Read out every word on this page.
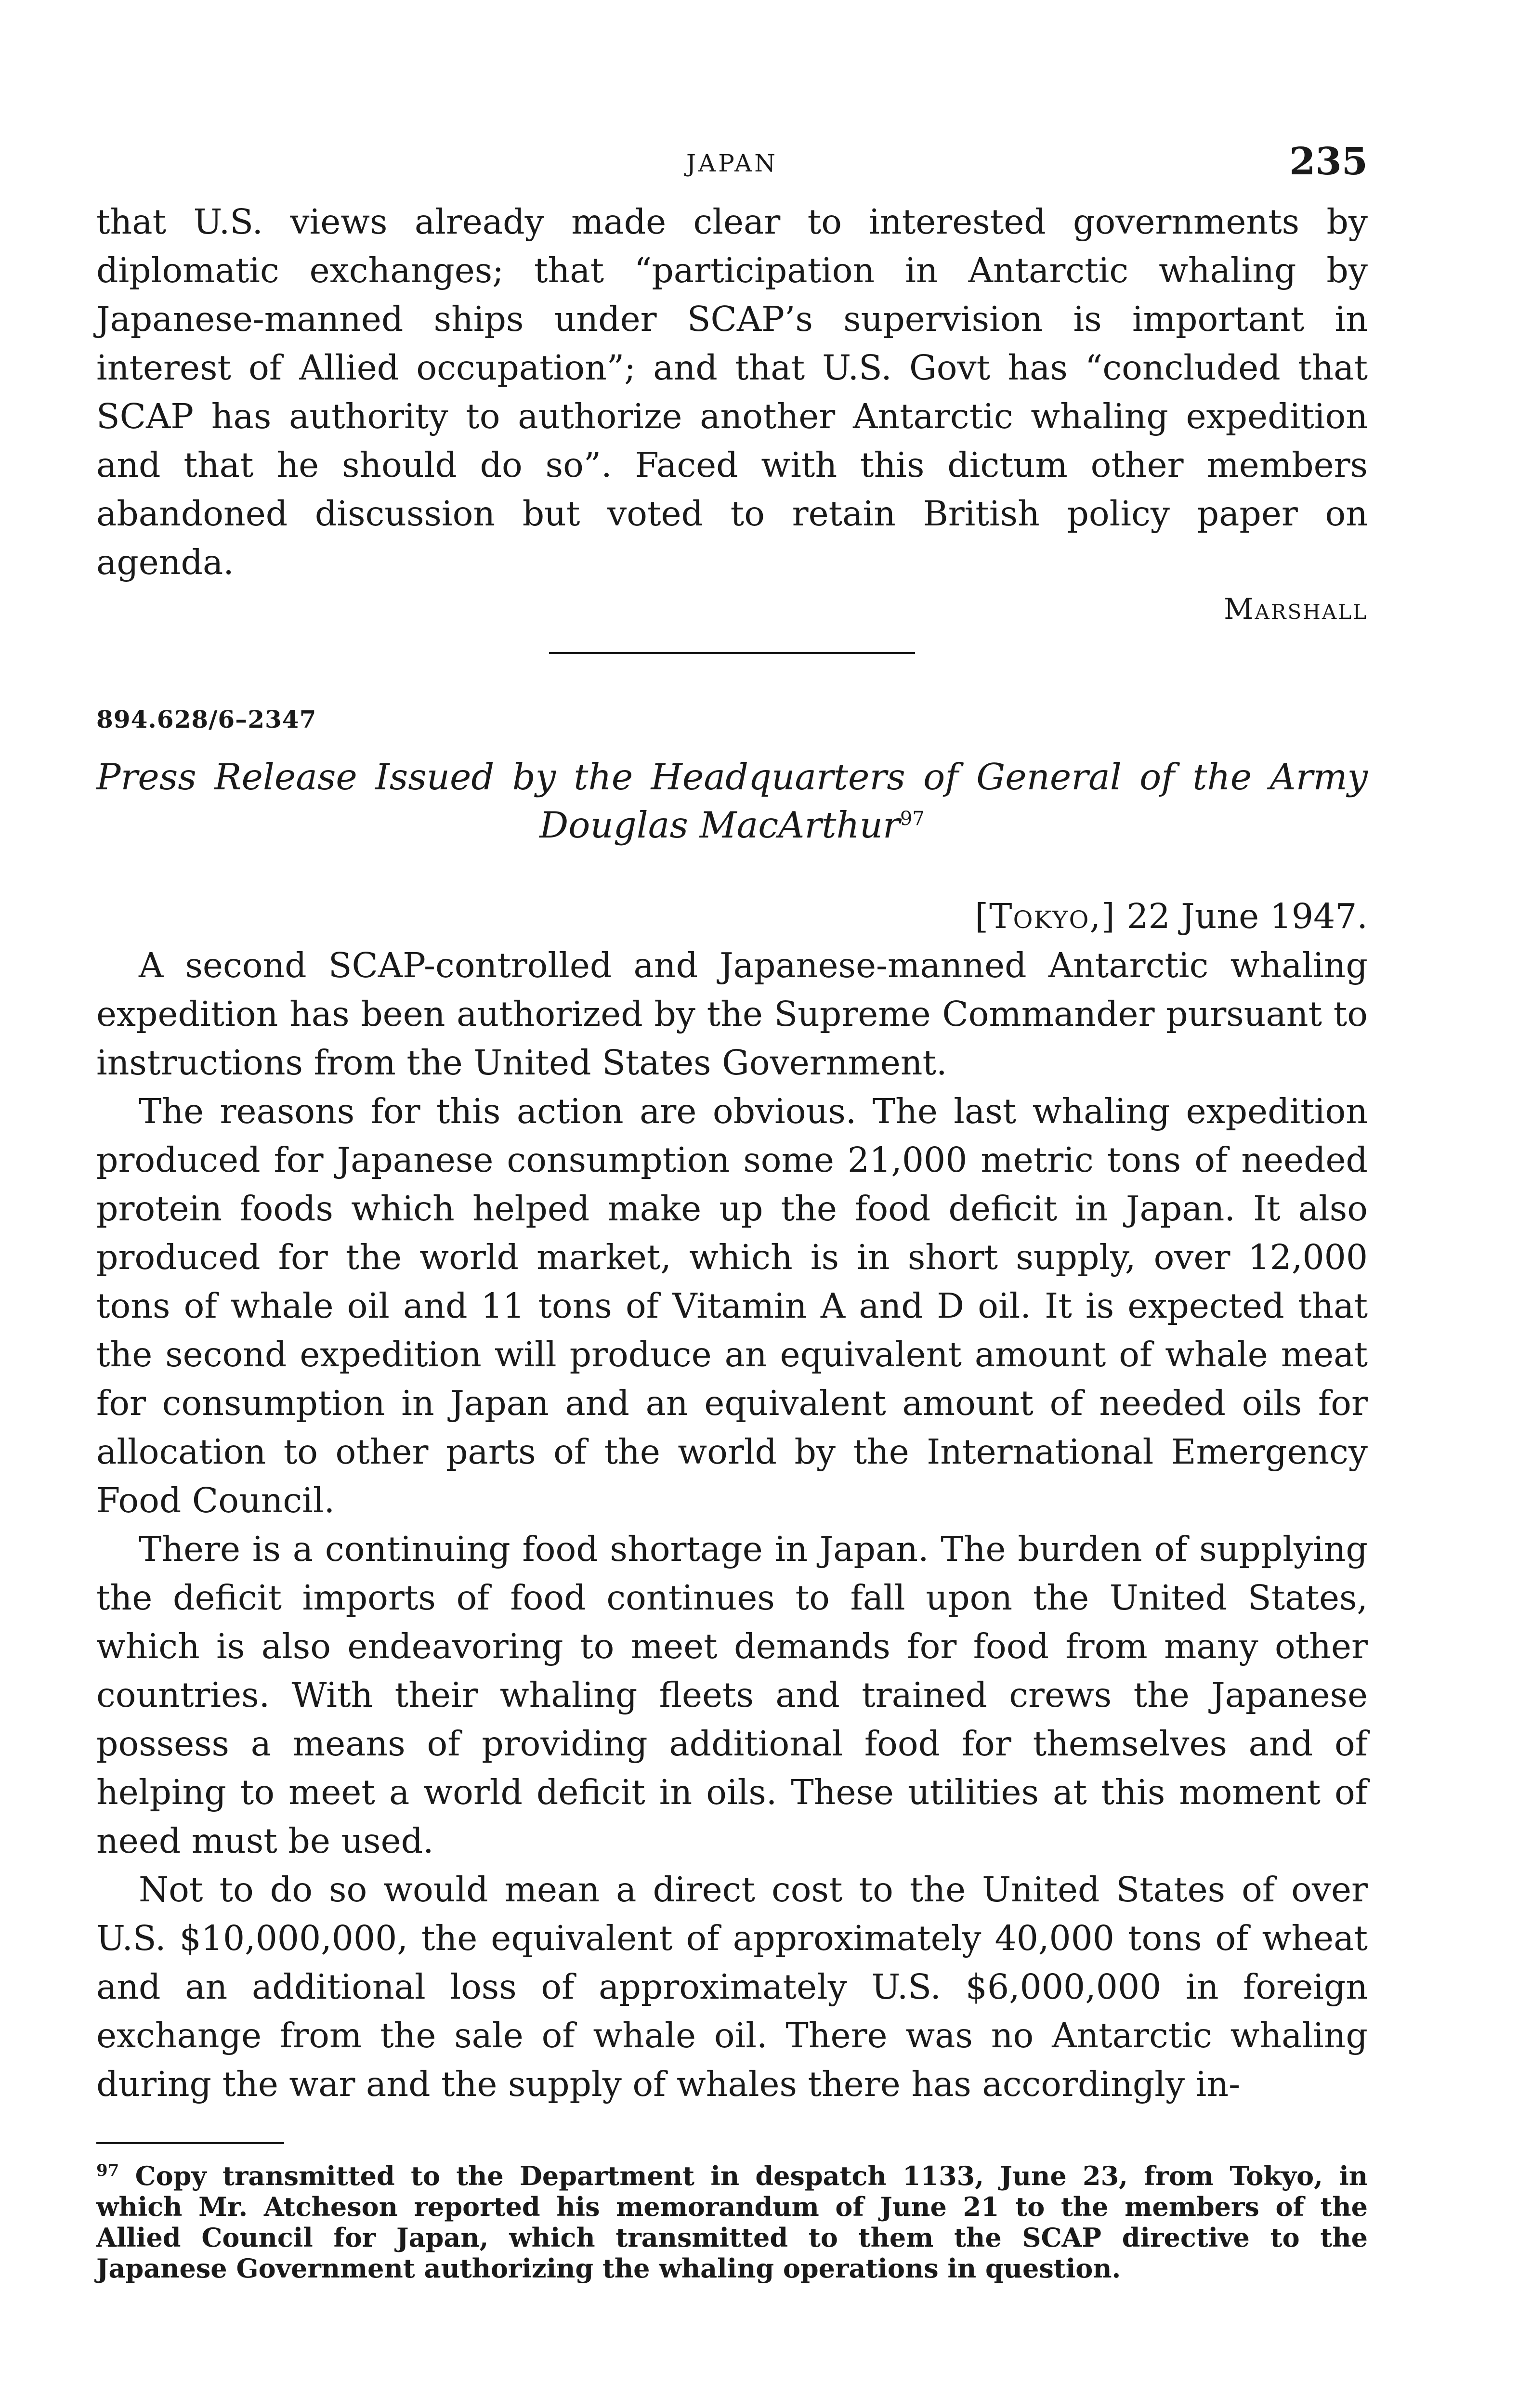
JAPAN	235

that U.S. views already made clear to interested governments by diplomatic exchanges; that “participation in Antarctic whaling by Japanese-manned ships under SCAP’s supervision is important in interest of Allied occupation”; and that U.S. Govt has “concluded that SCAP has authority to authorize another Antarctic whaling expedition and that he should do so”. Faced with this dictum other members abandoned discussion but voted to retain British policy paper on agenda.

Marshall
894.628/6–2347
Press Release Issued by the Headquarters of General of the Army
Douglas MacArthur$^{97}$
[Tokyo,] 22 June 1947.

A second SCAP-controlled and Japanese-manned Antarctic whaling expedition has been authorized by the Supreme Commander pursuant to instructions from the United States Government.

The reasons for this action are obvious. The last whaling expedition produced for Japanese consumption some 21,000 metric tons of needed protein foods which helped make up the food deficit in Japan. It also produced for the world market, which is in short supply, over 12,000 tons of whale oil and 11 tons of Vitamin A and D oil. It is expected that the second expedition will produce an equivalent amount of whale meat for consumption in Japan and an equivalent amount of needed oils for allocation to other parts of the world by the International Emergency Food Council.

There is a continuing food shortage in Japan. The burden of supplying the deficit imports of food continues to fall upon the United States, which is also endeavoring to meet demands for food from many other countries. With their whaling fleets and trained crews the Japanese possess a means of providing additional food for themselves and of helping to meet a world deficit in oils. These utilities at this moment of need must be used.

Not to do so would mean a direct cost to the United States of over U.S. $10,000,000, the equivalent of approximately 40,000 tons of wheat and an additional loss of approximately U.S. $6,000,000 in foreign exchange from the sale of whale oil. There was no Antarctic whaling during the war and the supply of whales there has accordingly in-

$^{97}$ Copy transmitted to the Department in despatch 1133, June 23, from Tokyo, in which Mr. Atcheson reported his memorandum of June 21 to the members of the Allied Council for Japan, which transmitted to them the SCAP directive to the Japanese Government authorizing the whaling operations in question.
